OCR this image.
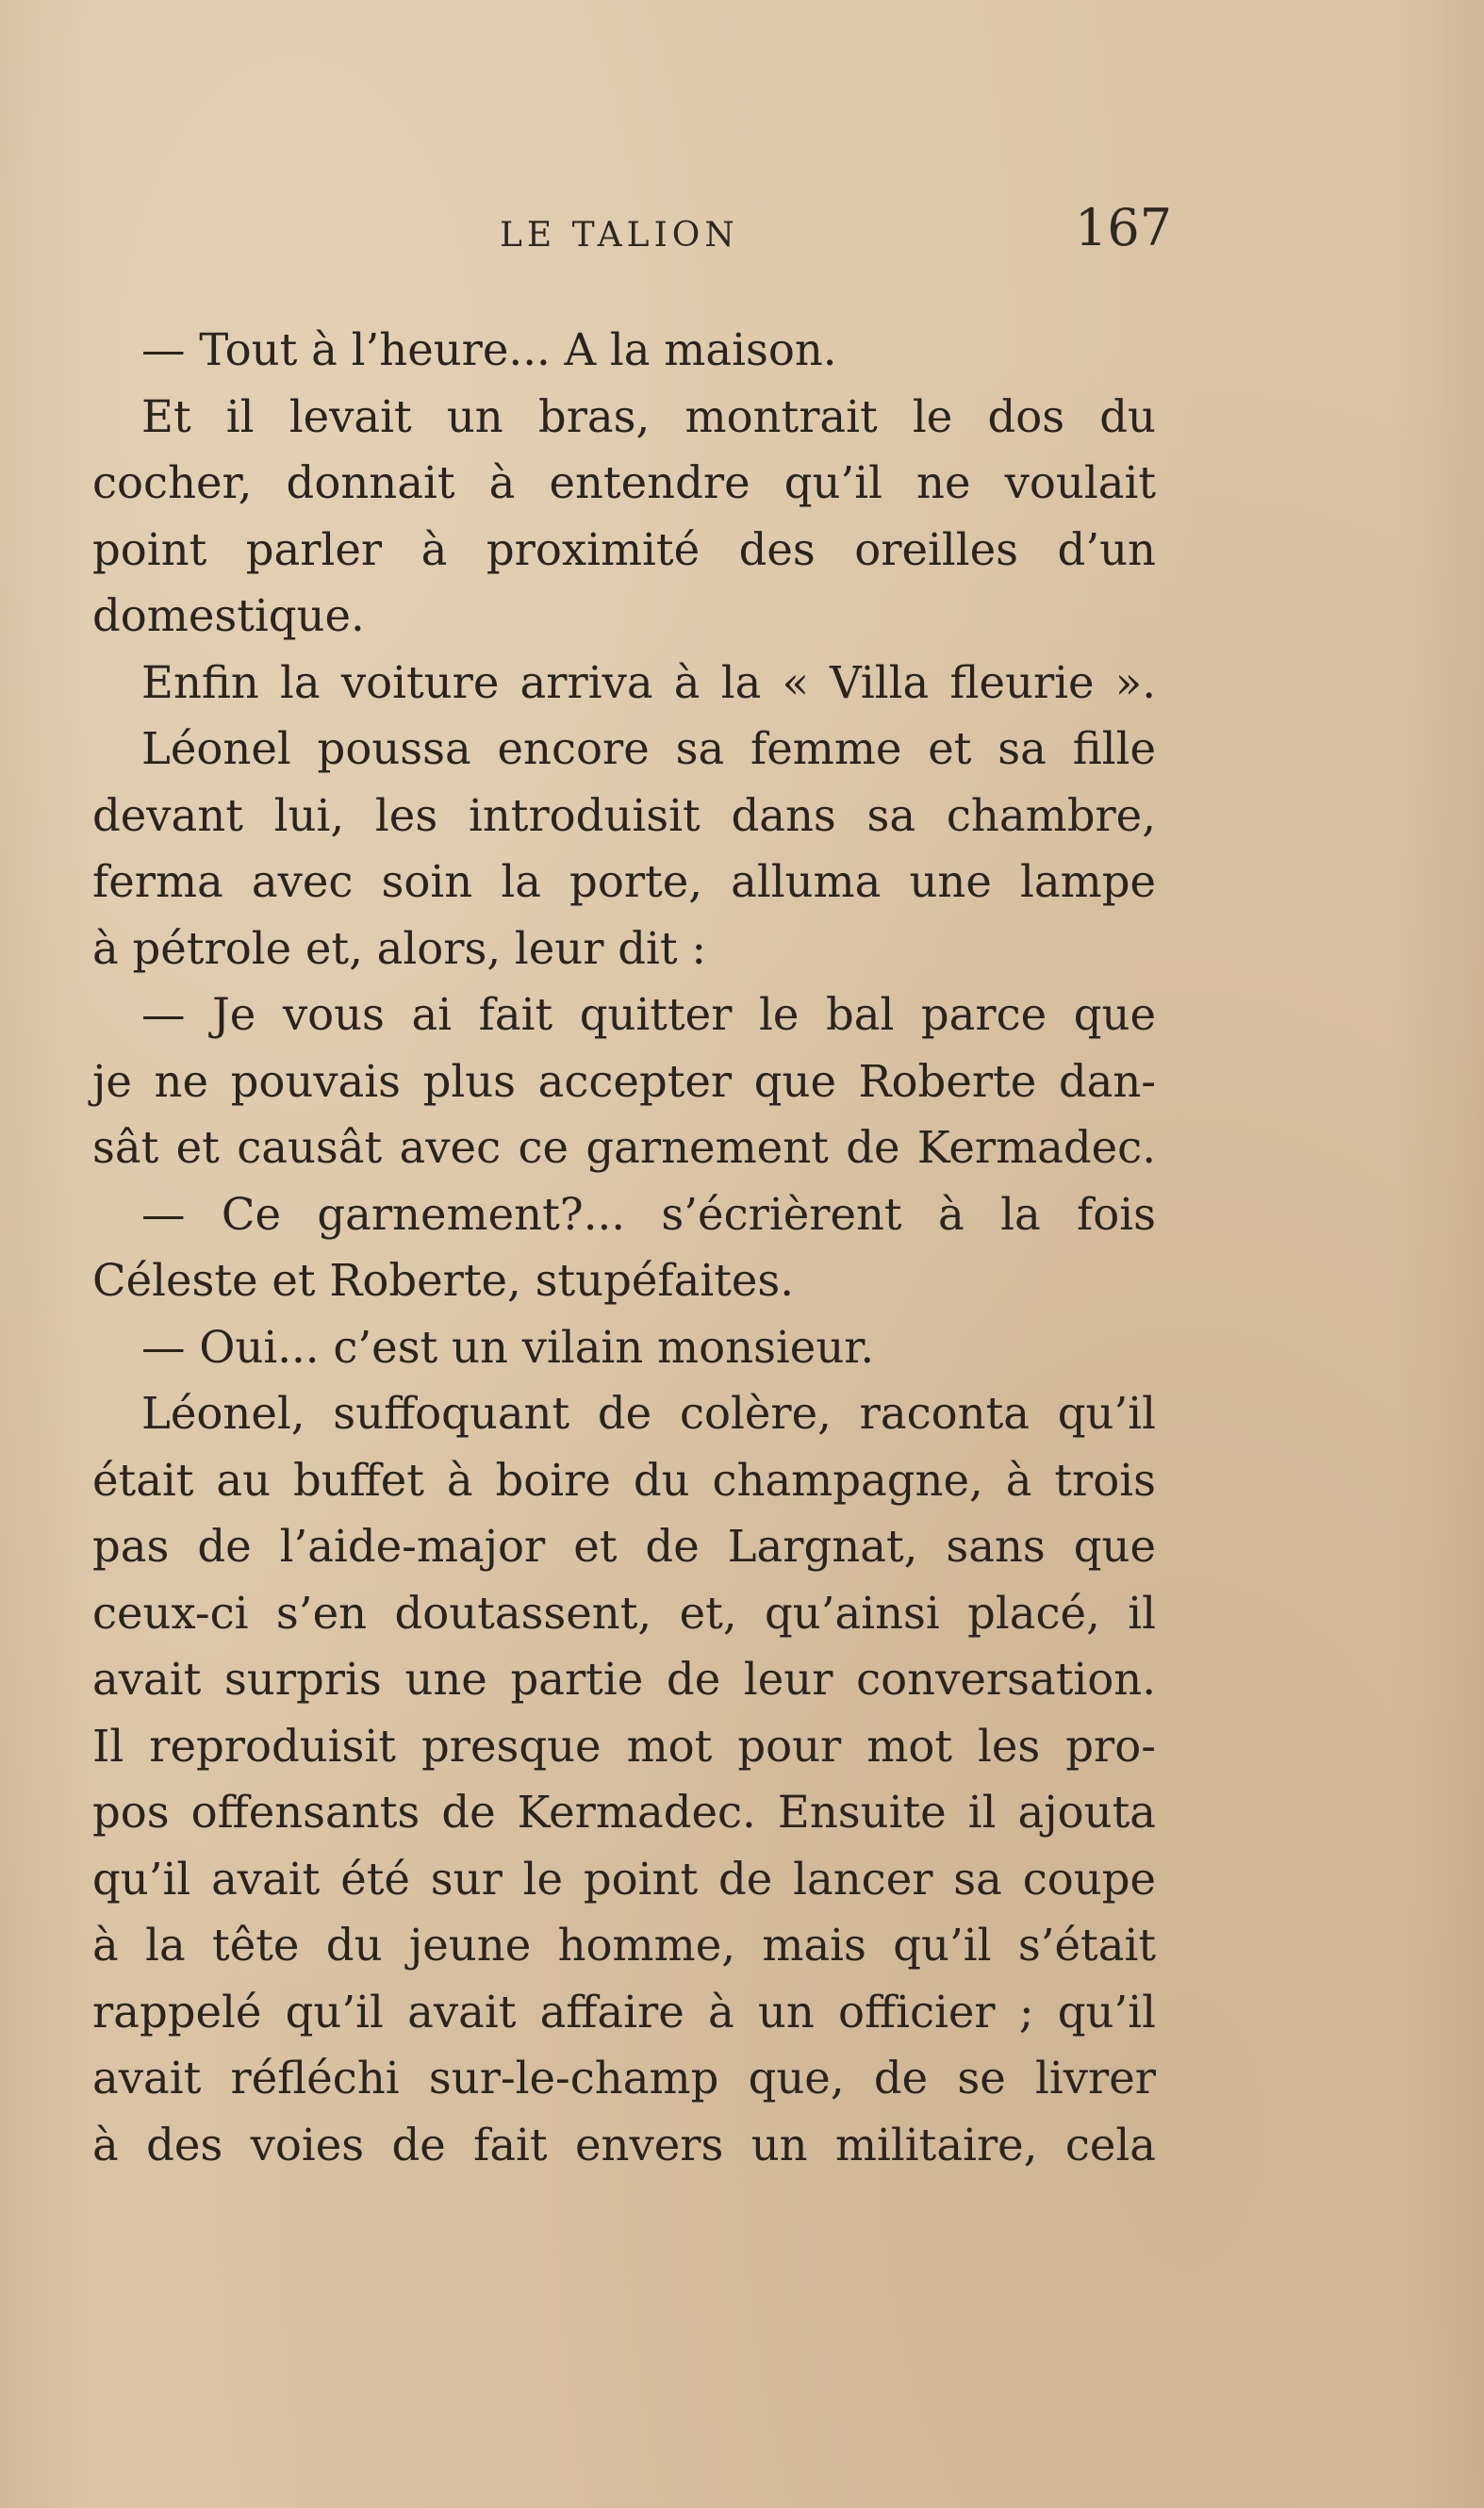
LE TALION	167
— Tout à l’heure... A la maison.
Et il levait un bras, montrait le dos du
cocher, donnait à entendre qu’il ne voulait
point parler à proximité des oreilles d’un
domestique.
Enfin la voiture arriva à la « Villa fleurie ».
Léonel poussa encore sa femme et sa fille
devant lui, les introduisit dans sa chambre,
ferma avec soin la porte, alluma une lampe
à pétrole et, alors, leur dit :
— Je vous ai fait quitter le bal parce que
je ne pouvais plus accepter que Roberte dan-
sât et causât avec ce garnement de Kermadec.
— Ce garnement?... s’écrièrent à la fois
Céleste et Roberte, stupéfaites.
— Oui... c’est un vilain monsieur.
Léonel, suffoquant de colère, raconta qu’il
était au buffet à boire du champagne, à trois
pas de l’aide-major et de Largnat, sans que
ceux-ci s’en doutassent, et, qu’ainsi placé, il
avait surpris une partie de leur conversation.
Il reproduisit presque mot pour mot les pro-
pos offensants de Kermadec. Ensuite il ajouta
qu’il avait été sur le point de lancer sa coupe
à la tête du jeune homme, mais qu’il s’était
rappelé qu’il avait affaire à un officier ; qu’il
avait réfléchi sur-le-champ que, de se livrer
à des voies de fait envers un militaire, cela
